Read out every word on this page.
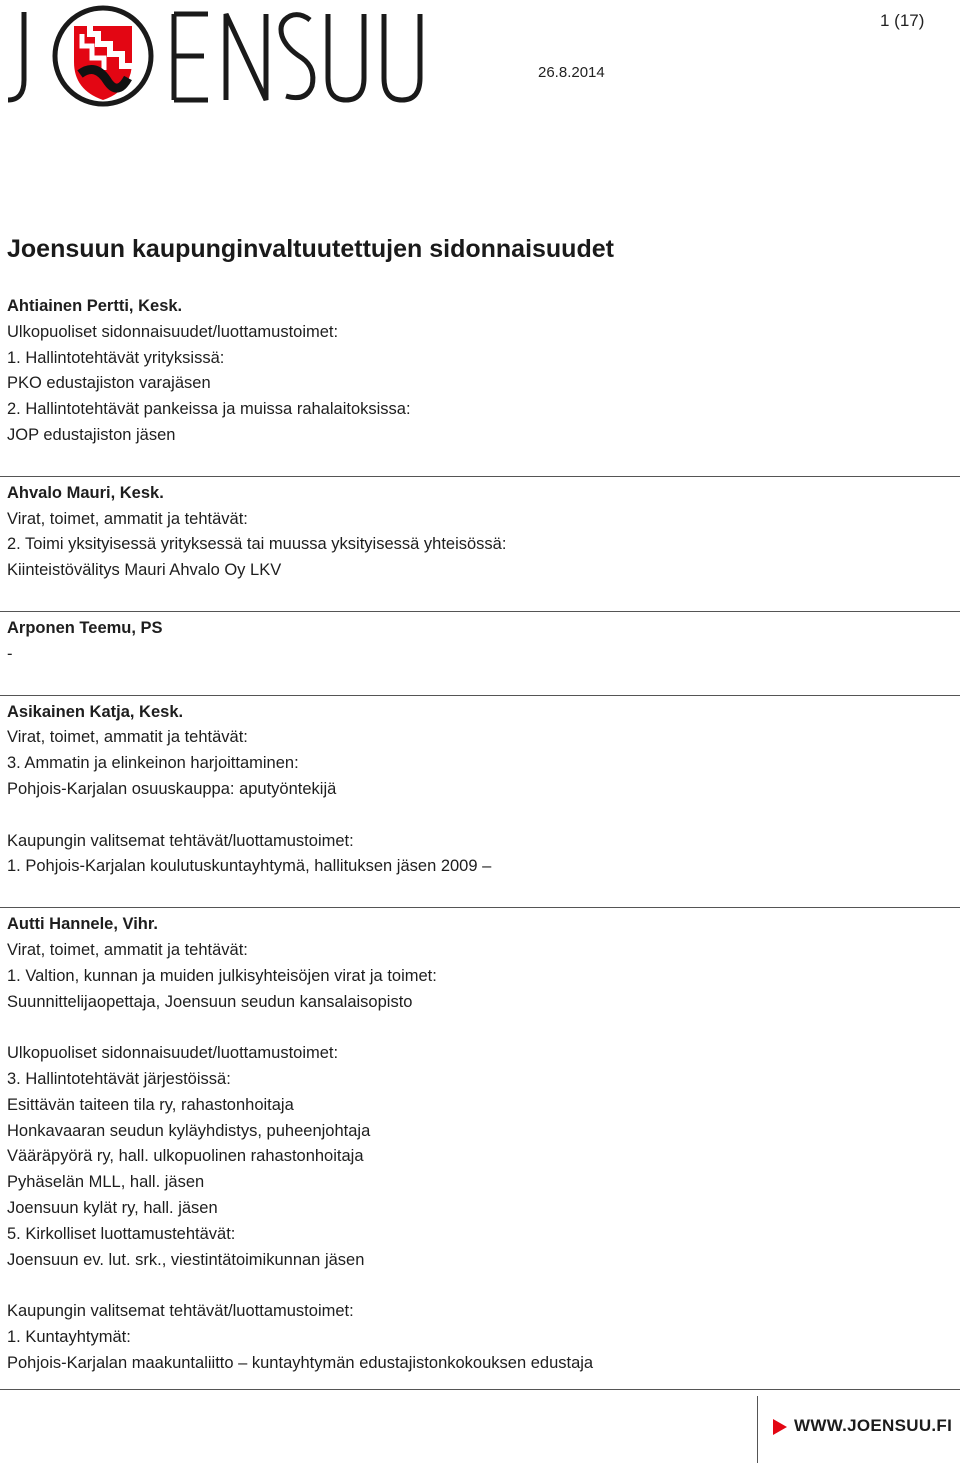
1 (17)
26.8.2014
Joensuun kaupunginvaltuutettujen sidonnaisuudet
Ahtiainen Pertti, Kesk.
Ulkopuoliset sidonnaisuudet/luottamustoimet:
1. Hallintotehtävät yrityksissä:
PKO edustajiston varajäsen
2. Hallintotehtävät pankeissa ja muissa rahalaitoksissa:
JOP edustajiston jäsen
Ahvalo Mauri, Kesk.
Virat, toimet, ammatit ja tehtävät:
2. Toimi yksityisessä yrityksessä tai muussa yksityisessä yhteisössä:
Kiinteistövälitys Mauri Ahvalo Oy LKV
Arponen Teemu, PS
-
Asikainen Katja, Kesk.
Virat, toimet, ammatit ja tehtävät:
3. Ammatin ja elinkeinon harjoittaminen:
Pohjois-Karjalan osuuskauppa: aputyöntekijä
Kaupungin valitsemat tehtävät/luottamustoimet:
1. Pohjois-Karjalan koulutuskuntayhtymä, hallituksen jäsen 2009 –
Autti Hannele, Vihr.
Virat, toimet, ammatit ja tehtävät:
1. Valtion, kunnan ja muiden julkisyhteisöjen virat ja toimet:
Suunnittelijaopettaja, Joensuun seudun kansalaisopisto
Ulkopuoliset sidonnaisuudet/luottamustoimet:
3. Hallintotehtävät järjestöissä:
Esittävän taiteen tila ry, rahastonhoitaja
Honkavaaran seudun kyläyhdistys, puheenjohtaja
Vääräpyörä ry, hall. ulkopuolinen rahastonhoitaja
Pyhäselän MLL, hall. jäsen
Joensuun kylät ry, hall. jäsen
5. Kirkolliset luottamustehtävät:
Joensuun ev. lut. srk., viestintätoimikunnan jäsen
Kaupungin valitsemat tehtävät/luottamustoimet:
1. Kuntayhtymät:
Pohjois-Karjalan maakuntaliitto – kuntayhtymän edustajistonkokouksen edustaja
WWW.JOENSUU.FI
